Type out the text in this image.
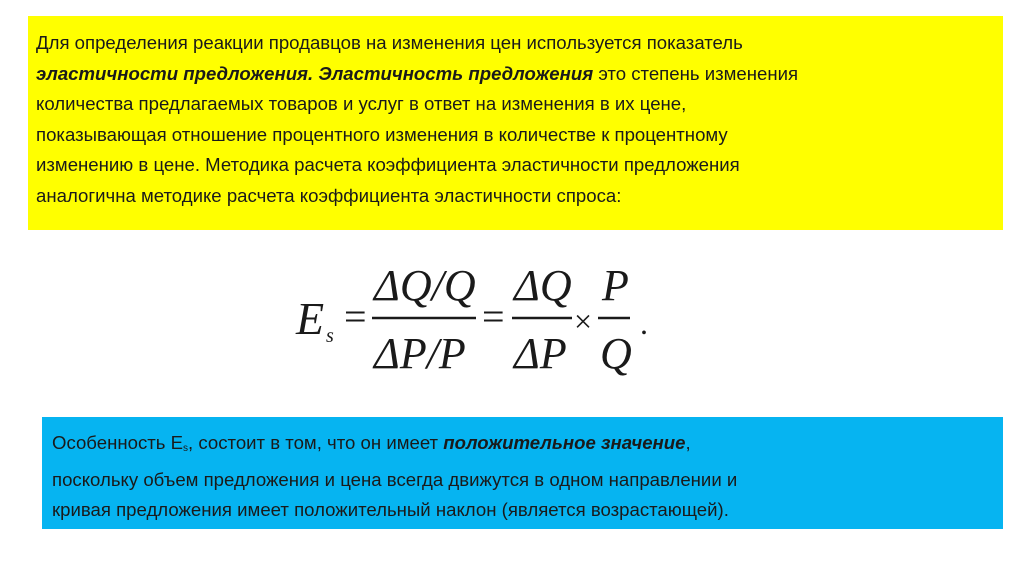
Для определения реакции продавцов на изменения цен используется показатель
эластичности предложения. Эластичность предложения это степень изменения
количества предлагаемых товаров и услуг в ответ на изменения в их цене,
показывающая отношение процентного изменения в количестве к процентному
изменению в цене. Методика расчета коэффициента эластичности предложения
аналогична методике расчета коэффициента эластичности спроса:

E s =
ΔQ/Q
ΔP/P
=
ΔQ
ΔP
×
P
Q
.

Особенность $E_s$, состоит в том, что он имеет положительное значение,
поскольку объем предложения и цена всегда движутся в одном направлении и
кривая предложения имеет положительный наклон (является возрастающей).
